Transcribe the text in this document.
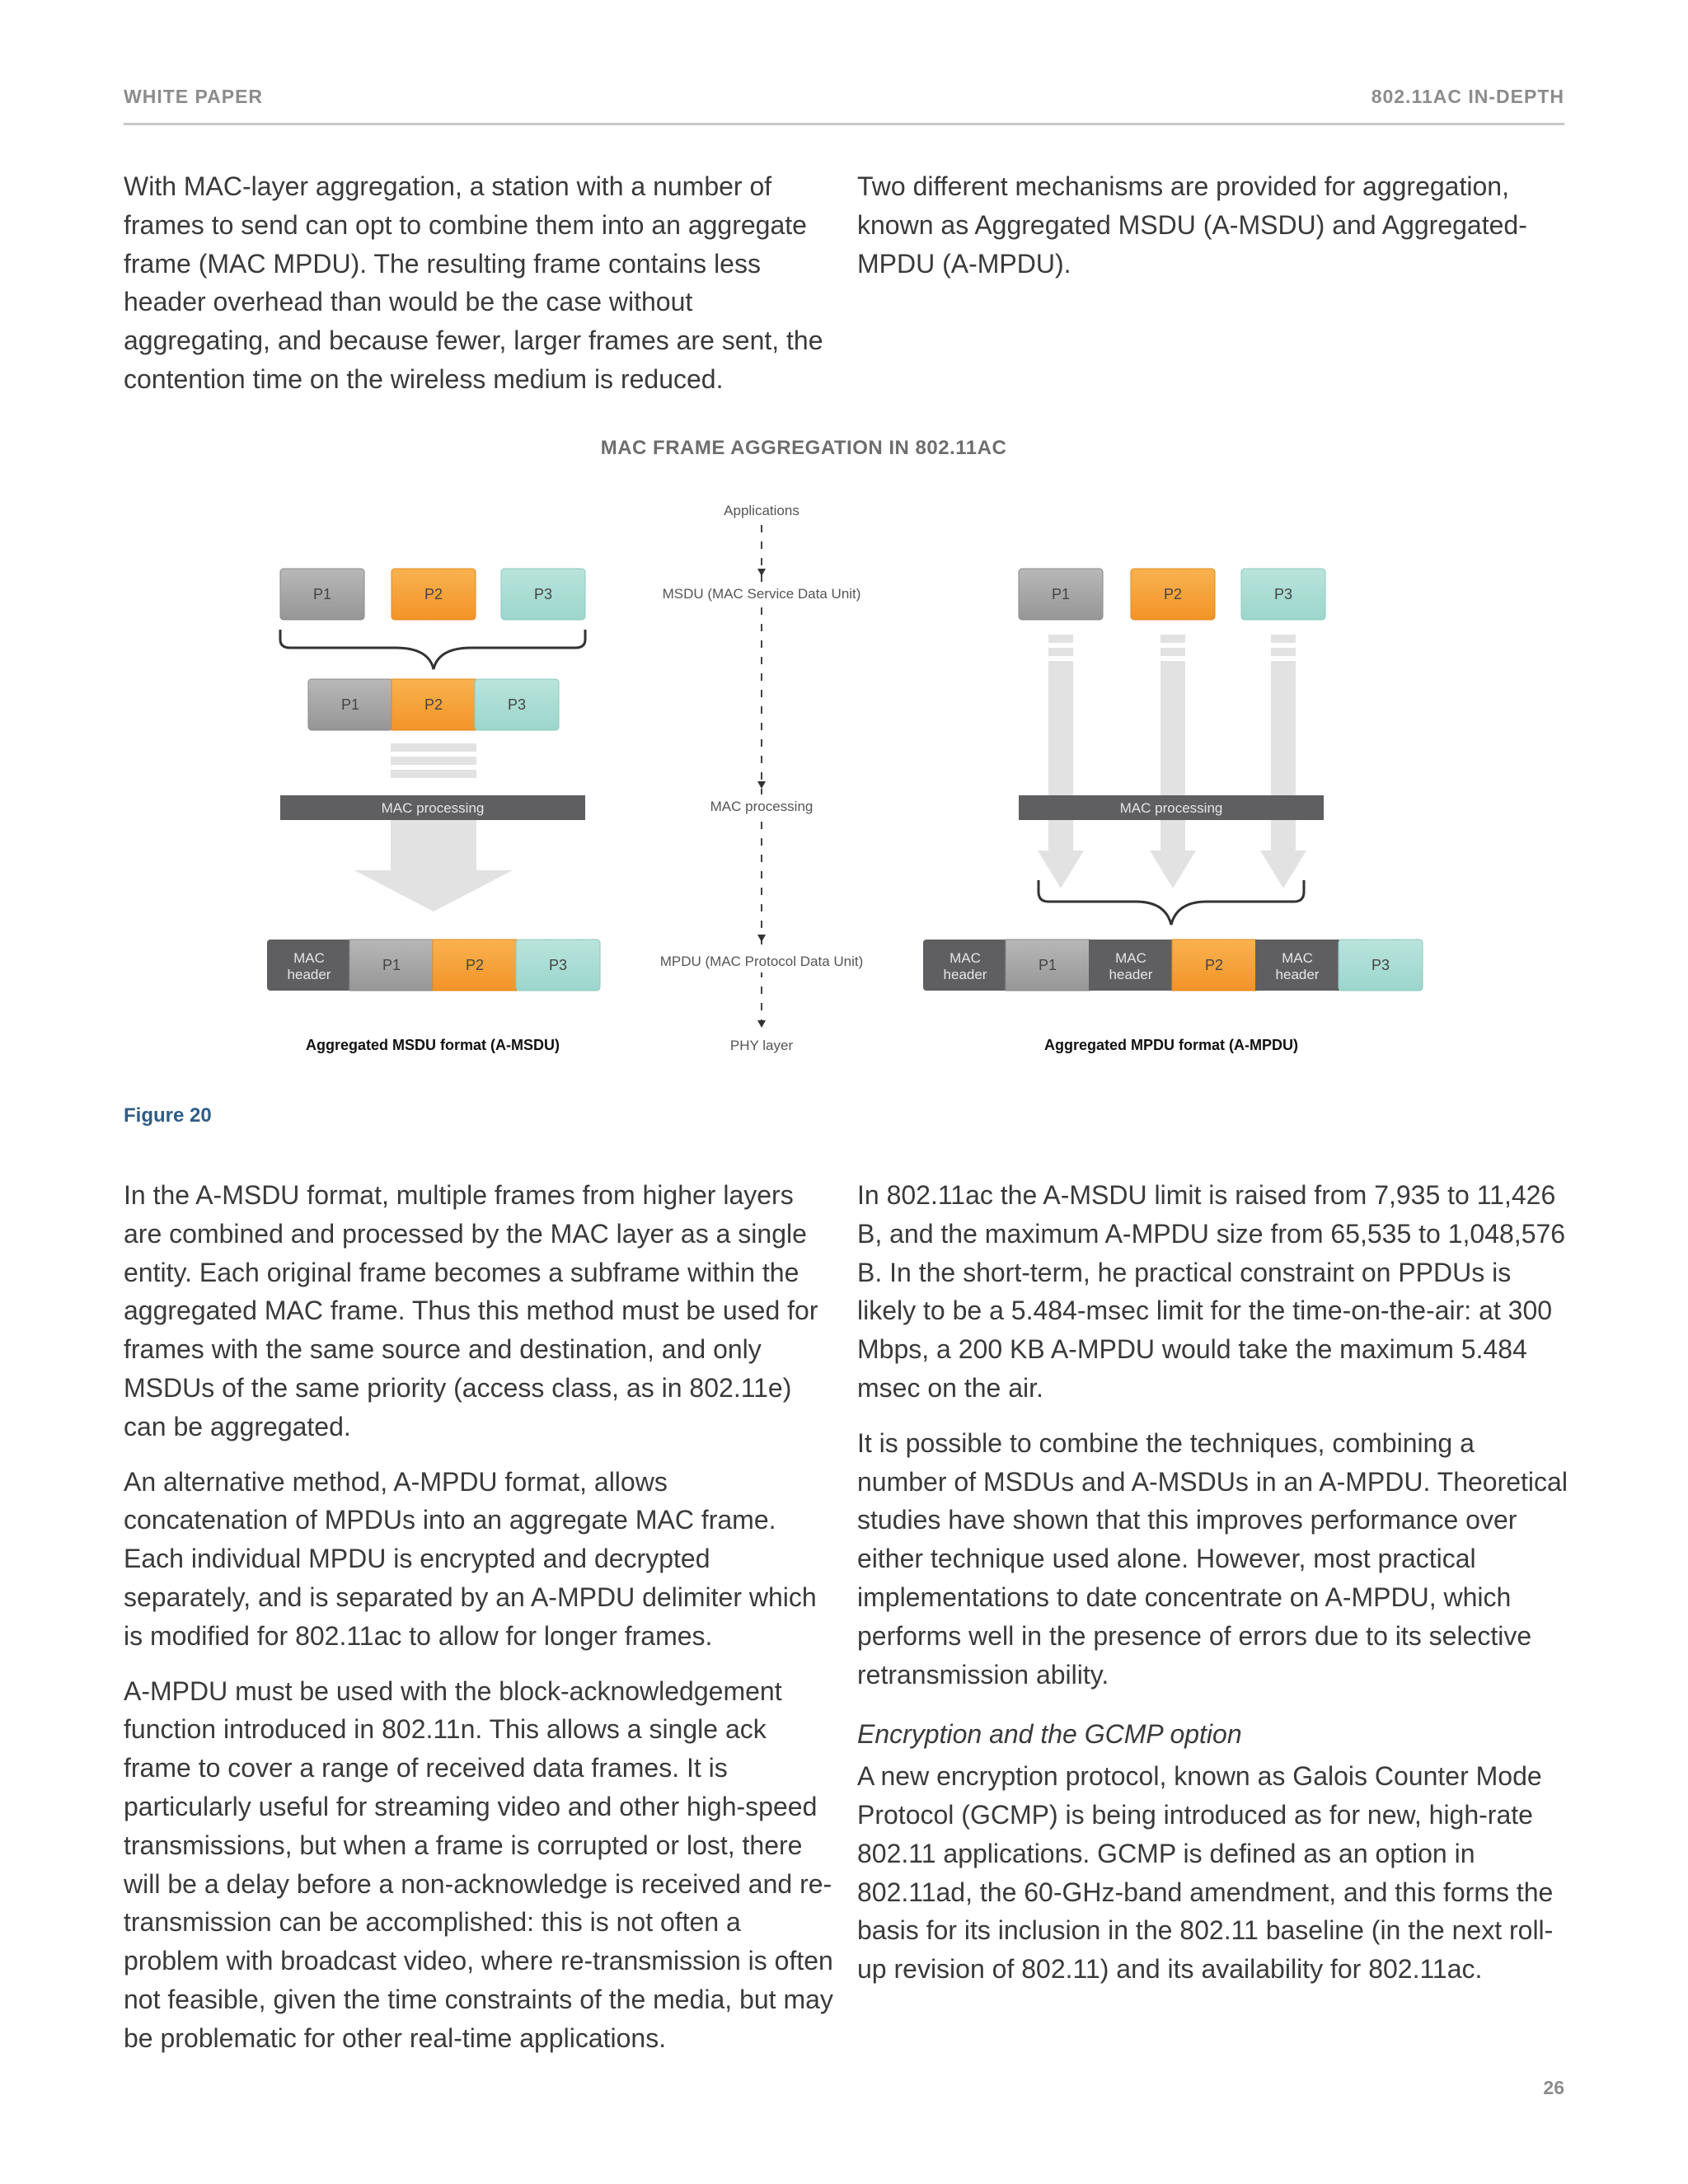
WHITE PAPER	802.11AC IN-DEPTH

With MAC-layer aggregation, a station with a number of frames to send can opt to combine them into an aggregate frame (MAC MPDU). The resulting frame contains less header overhead than would be the case without aggregating, and because fewer, larger frames are sent, the contention time on the wireless medium is reduced.

Two different mechanisms are provided for aggregation, known as Aggregated MSDU (A-MSDU) and Aggregated-MPDU (A-MPDU).

MAC FRAME AGGREGATION IN 802.11AC
Applications
MSDU (MAC Service Data Unit)
MAC processing
MPDU (MAC Protocol Data Unit)
PHY layer
P1	P2	P3
P1	P2	P3
MAC processing
MAC
header
P1	P2	P3
Aggregated MSDU format (A-MSDU)
P1	P2	P3
MAC processing
MAC
header
P1	MAC
header
P2	MAC
header
P3
Aggregated MPDU format (A-MPDU)
Figure 20

In the A-MSDU format, multiple frames from higher layers are combined and processed by the MAC layer as a single entity. Each original frame becomes a subframe within the aggregated MAC frame. Thus this method must be used for frames with the same source and destination, and only MSDUs of the same priority (access class, as in 802.11e) can be aggregated.

An alternative method, A-MPDU format, allows concatenation of MPDUs into an aggregate MAC frame. Each individual MPDU is encrypted and decrypted separately, and is separated by an A-MPDU delimiter which is modified for 802.11ac to allow for longer frames.

A-MPDU must be used with the block-acknowledgement function introduced in 802.11n. This allows a single ack frame to cover a range of received data frames. It is particularly useful for streaming video and other high-speed transmissions, but when a frame is corrupted or lost, there will be a delay before a non-acknowledge is received and re-transmission can be accomplished: this is not often a problem with broadcast video, where re-transmission is often not feasible, given the time constraints of the media, but may be problematic for other real-time applications.

In 802.11ac the A-MSDU limit is raised from 7,935 to 11,426 B, and the maximum A-MPDU size from 65,535 to 1,048,576 B. In the short-term, he practical constraint on PPDUs is likely to be a 5.484-msec limit for the time-on-the-air: at 300 Mbps, a 200 KB A-MPDU would take the maximum 5.484 msec on the air.

It is possible to combine the techniques, combining a number of MSDUs and A-MSDUs in an A-MPDU. Theoretical studies have shown that this improves performance over either technique used alone. However, most practical implementations to date concentrate on A-MPDU, which performs well in the presence of errors due to its selective retransmission ability.

Encryption and the GCMP option

A new encryption protocol, known as Galois Counter Mode Protocol (GCMP) is being introduced as for new, high-rate 802.11 applications. GCMP is defined as an option in 802.11ad, the 60-GHz-band amendment, and this forms the basis for its inclusion in the 802.11 baseline (in the next roll-up revision of 802.11) and its availability for 802.11ac.

26
